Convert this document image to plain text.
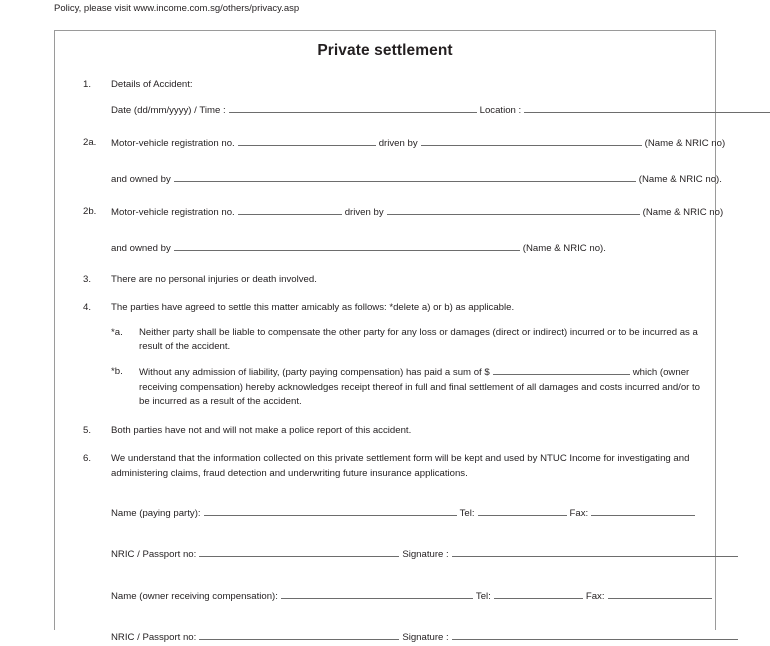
Policy, please visit www.income.com.sg/others/privacy.asp
Private settlement
1. Details of Accident:
Date (dd/mm/yyyy) / Time :	Location :
2a. Motor-vehicle registration no.	driven by	(Name & NRIC no)
and owned by	(Name & NRIC no).
2b. Motor-vehicle registration no.	driven by	(Name & NRIC no)
and owned by	(Name & NRIC no).
3. There are no personal injuries or death involved.
4. The parties have agreed to settle this matter amicably as follows: *delete a) or b) as applicable.
*a. Neither party shall be liable to compensate the other party for any loss or damages (direct or indirect) incurred or to be incurred as a result of the accident.
*b. Without any admission of liability, (party paying compensation) has paid a sum of $	which (owner receiving compensation) hereby acknowledges receipt thereof in full and final settlement of all damages and costs incurred and/or to be incurred as a result of the accident.
5. Both parties have not and will not make a police report of this accident.
6. We understand that the information collected on this private settlement form will be kept and used by NTUC Income for investigating and administering claims, fraud detection and underwriting future insurance applications.
Name (paying party):	Tel:	Fax:
NRIC / Passport no:	Signature :
Name (owner receiving compensation):	Tel:	Fax:
NRIC / Passport no:	Signature :
